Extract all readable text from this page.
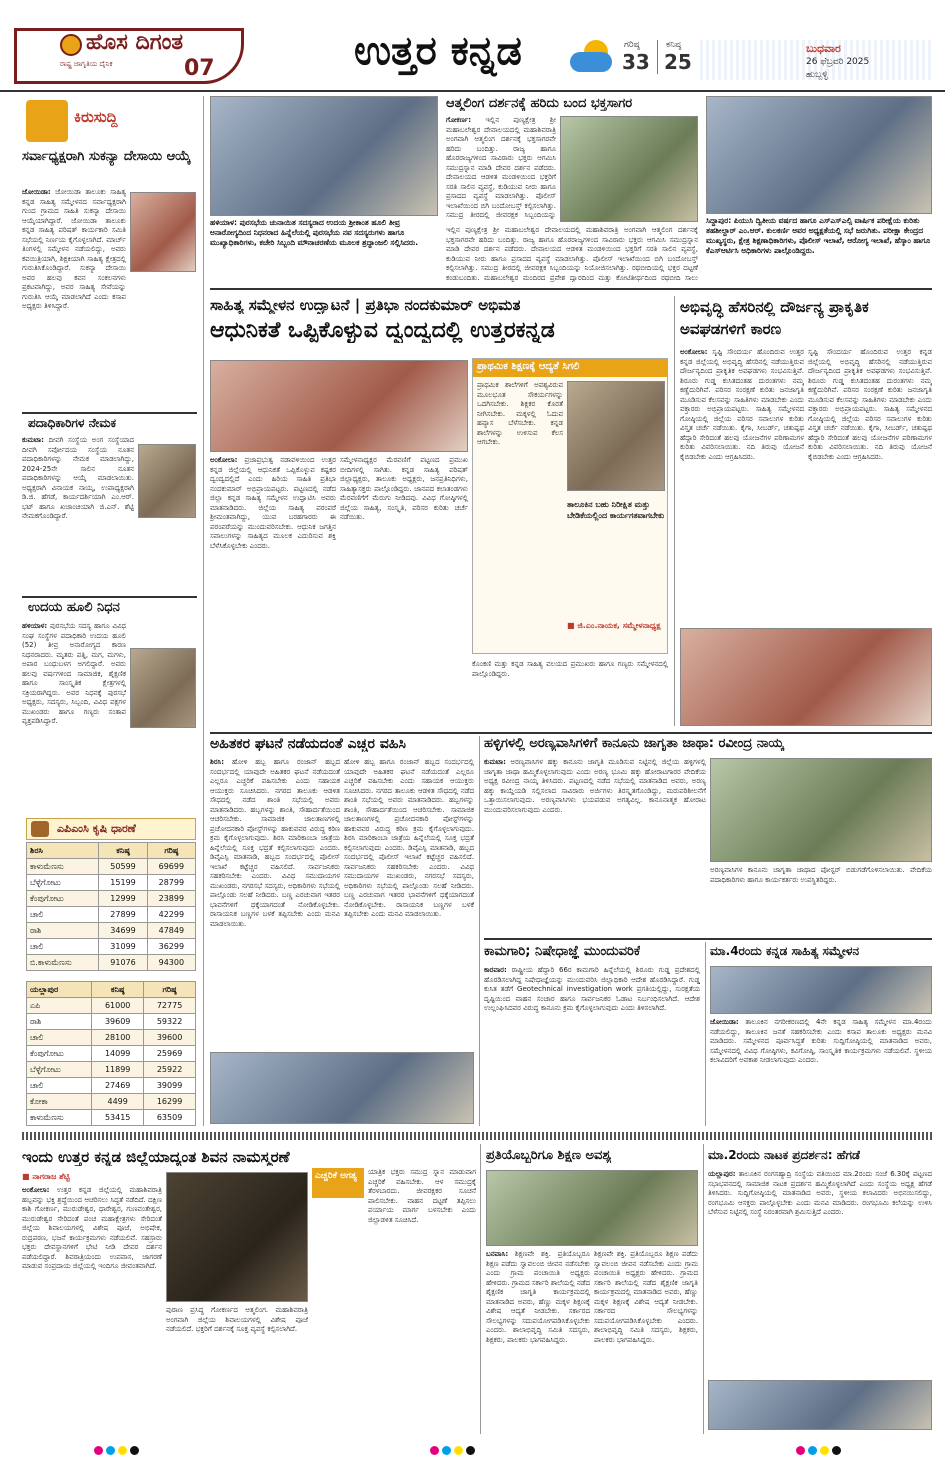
ಹೊಸ ದಿಗಂತ
ರಾಷ್ಟ್ರ ಜಾಗೃತಿಯ ದೈನಿಕ	07	ಉತ್ತರ ಕನ್ನಡ	ಗರಿಷ್ಠ
33
ಕನಿಷ್ಠ
25
ಬುಧವಾರ
26 ಫೆಬ್ರವರಿ 2025
ಹುಬ್ಬಳ್ಳಿ
ಕಿರುಸುದ್ದಿ
ಸರ್ವಾಧ್ಯಕ್ಷರಾಗಿ ಸುಕನ್ಯಾ ದೇಸಾಯಿ ಆಯ್ಕೆ
ಜೋಯಿಡಾ: ಜೋಯಿಡಾ ತಾಲೂಕು ಸಾಹಿತ್ಯ ಕನ್ನಡ ಸಾಹಿತ್ಯ ಸಮ್ಮೇಳನದ ಸರ್ವಾಧ್ಯಕ್ಷರಾಗಿ ಗುಂದ ಗ್ರಾಮದ ಸಾಹಿತಿ ಸುಕನ್ಯಾ ದೇಸಾಯಿ ಆಯ್ಕೆಯಾಗಿದ್ದಾರೆ. ಜೋಯಿಡಾ ತಾಲೂಕು ಕನ್ನಡ ಸಾಹಿತ್ಯ ಪರಿಷತ್ ಕಾರ್ಯಕಾರಿ ಸಮಿತಿ ಸಭೆಯಲ್ಲಿ ನಿರ್ಣಯ ಕೈಗೊಳ್ಳಲಾಗಿದೆ. ಮಾರ್ಚ್ ತಿಂಗಳಲ್ಲಿ ಸಮ್ಮೇಳನ ನಡೆಯಲಿದ್ದು, ಅವರು ಕವಯಿತ್ರಿಯಾಗಿ, ಶಿಕ್ಷಕಿಯಾಗಿ ಸಾಹಿತ್ಯ ಕ್ಷೇತ್ರದಲ್ಲಿ ಗುರುತಿಸಿಕೊಂಡಿದ್ದಾರೆ. ಸುಕನ್ಯಾ ದೇಸಾಯಿ ಅವರ ಹಲವು ಕವನ ಸಂಕಲನಗಳು ಪ್ರಕಟವಾಗಿದ್ದು, ಅವರ ಸಾಹಿತ್ಯ ಸೇವೆಯನ್ನು ಗುರುತಿಸಿ ಆಯ್ಕೆ ಮಾಡಲಾಗಿದೆ ಎಂದು ಕಸಾಪ ಅಧ್ಯಕ್ಷರು ತಿಳಿಸಿದ್ದಾರೆ.
ಪದಾಧಿಕಾರಿಗಳ ನೇಮಕ
ಕುಮಟಾ: ದೀವಗಿ ಸಂಸ್ಥೆಯ ಅಂಗ ಸಂಸ್ಥೆಯಾದ ದೀವಗಿ ಸರ್ವೋದಯ ಸಂಸ್ಥೆಯ ನೂತನ ಪದಾಧಿಕಾರಿಗಳನ್ನು ನೇಮಕ ಮಾಡಲಾಗಿದ್ದು, 2024-25ನೇ ಸಾಲಿನ ನೂತನ ಪದಾಧಿಕಾರಿಗಳನ್ನು ಆಯ್ಕೆ ಮಾಡಲಾಯಿತು. ಅಧ್ಯಕ್ಷರಾಗಿ ವಿನಾಯಕ ನಾಯ್ಕ, ಉಪಾಧ್ಯಕ್ಷರಾಗಿ ಡಿ.ಜಿ. ಹೆಗಡೆ, ಕಾರ್ಯದರ್ಶಿಯಾಗಿ ಎಂ.ಆರ್. ಭಟ್ ಹಾಗೂ ಖಜಾಂಚಿಯಾಗಿ ಜಿ.ಎನ್. ಶೆಟ್ಟಿ ನೇಮಕಗೊಂಡಿದ್ದಾರೆ.
ಉದಯ ಹೂಲಿ ನಿಧನ
ಹಳಿಯಾಳ: ಪುರಸಭೆಯ ಸದಸ್ಯ ಹಾಗೂ ವಿವಿಧ ಸಂಘ ಸಂಸ್ಥೆಗಳ ಪದಾಧಿಕಾರಿ ಉದಯ ಹೂಲಿ (52) ತೀವ್ರ ಅನಾರೋಗ್ಯದ ಕಾರಣ ನಿಧನರಾದರು. ಮೃತರು ಪತ್ನಿ, ಮಗ, ಮಗಳು, ಅಪಾರ ಬಂಧುಬಳಗ ಅಗಲಿದ್ದಾರೆ. ಅವರು ಹಲವು ವರ್ಷಗಳಿಂದ ಸಾಮಾಜಿಕ, ಶೈಕ್ಷಣಿಕ ಹಾಗೂ ಸಾಂಸ್ಕೃತಿಕ ಕ್ಷೇತ್ರಗಳಲ್ಲಿ ಸಕ್ರಿಯರಾಗಿದ್ದರು. ಅವರ ನಿಧನಕ್ಕೆ ಪುರಸಭೆ ಅಧ್ಯಕ್ಷರು, ಸದಸ್ಯರು, ಸಿಬ್ಬಂದಿ, ವಿವಿಧ ಪಕ್ಷಗಳ ಮುಖಂಡರು ಹಾಗೂ ಗಣ್ಯರು ಸಂತಾಪ ವ್ಯಕ್ತಪಡಿಸಿದ್ದಾರೆ.
ಎಪಿಎಂಸಿ ಕೃಷಿ ಧಾರಣೆ
ಶಿರಸಿ	ಕನಿಷ್ಠ	ಗರಿಷ್ಠ
ಕಾಳುಮೆಣಸು	50599	69699
ಬೆಳ್ಳೆಗೋಟು	15199	28799
ಕೆಂಪುಗೋಟು	12999	23899
ಚಾಲಿ	27899	42299
ರಾಶಿ	34699	47849
ಚಾಲಿ	31099	36299
ಬಿ.ಕಾಳುಮೆಣಸು	91076	94300
ಯಲ್ಲಾಪುರ	ಕನಿಷ್ಠ	ಗರಿಷ್ಠ
ಎಪಿ	61000	72775
ರಾಶಿ	39609	59322
ಚಾಲಿ	28100	39600
ಕೆಂಪುಗೋಟು	14099	25969
ಬೆಳ್ಳೆಗೋಟು	11899	25922
ಚಾಲಿ	27469	39099
ಕೋಕಾ	4499	16299
ಕಾಳುಮೆಣಸು	53415	63509
ಹಳಿಯಾಳ: ಪುರಸಭೆಯ ಚುನಾಯಿತ ಸದಸ್ಯರಾದ ಉದಯ ಶ್ರೀಕಾಂತ ಹೂಲಿ ತೀವ್ರ ಅನಾರೋಗ್ಯದಿಂದ ನಿಧನರಾದ ಹಿನ್ನೆಲೆಯಲ್ಲಿ ಪುರಸಭೆಯ ನವ ಸದಸ್ಯರುಗಳು ಹಾಗೂ ಮುಖ್ಯಾಧಿಕಾರಿಗಳು, ಕಚೇರಿ ಸಿಬ್ಬಂದಿ ಮೌನಾಚರಣೆಯ ಮೂಲಕ ಶ್ರದ್ಧಾಂಜಲಿ ಸಲ್ಲಿಸಿದರು.
ಆತ್ಮಲಿಂಗ ದರ್ಶನಕ್ಕೆ ಹರಿದು ಬಂದ ಭಕ್ತಸಾಗರ
ಗೋಕರ್ಣ: ಇಲ್ಲಿನ ಪುಣ್ಯಕ್ಷೇತ್ರ ಶ್ರೀ ಮಹಾಬಲೇಶ್ವರ ದೇವಾಲಯದಲ್ಲಿ ಮಹಾಶಿವರಾತ್ರಿ ಅಂಗವಾಗಿ ಆತ್ಮಲಿಂಗ ದರ್ಶನಕ್ಕೆ ಭಕ್ತಸಾಗರವೇ ಹರಿದು ಬಂದಿತ್ತು. ರಾಜ್ಯ ಹಾಗೂ ಹೊರರಾಜ್ಯಗಳಿಂದ ಸಾವಿರಾರು ಭಕ್ತರು ಆಗಮಿಸಿ ಸಮುದ್ರಸ್ನಾನ ಮಾಡಿ ದೇವರ ದರ್ಶನ ಪಡೆದರು. ದೇವಾಲಯದ ಆಡಳಿತ ಮಂಡಳಿಯಿಂದ ಭಕ್ತರಿಗೆ ಸರತಿ ಸಾಲಿನ ವ್ಯವಸ್ಥೆ, ಕುಡಿಯುವ ನೀರು ಹಾಗೂ ಪ್ರಸಾದದ ವ್ಯವಸ್ಥೆ ಮಾಡಲಾಗಿತ್ತು. ಪೊಲೀಸ್ ಇಲಾಖೆಯಿಂದ ಬಿಗಿ ಬಂದೋಬಸ್ತ್ ಕಲ್ಪಿಸಲಾಗಿತ್ತು. ಸಮುದ್ರ ತೀರದಲ್ಲಿ ಜೀವರಕ್ಷಕ ಸಿಬ್ಬಂದಿಯನ್ನು
ಇಲ್ಲಿನ ಪುಣ್ಯಕ್ಷೇತ್ರ ಶ್ರೀ ಮಹಾಬಲೇಶ್ವರ ದೇವಾಲಯದಲ್ಲಿ ಮಹಾಶಿವರಾತ್ರಿ ಅಂಗವಾಗಿ ಆತ್ಮಲಿಂಗ ದರ್ಶನಕ್ಕೆ ಭಕ್ತಸಾಗರವೇ ಹರಿದು ಬಂದಿತ್ತು. ರಾಜ್ಯ ಹಾಗೂ ಹೊರರಾಜ್ಯಗಳಿಂದ ಸಾವಿರಾರು ಭಕ್ತರು ಆಗಮಿಸಿ ಸಮುದ್ರಸ್ನಾನ ಮಾಡಿ ದೇವರ ದರ್ಶನ ಪಡೆದರು. ದೇವಾಲಯದ ಆಡಳಿತ ಮಂಡಳಿಯಿಂದ ಭಕ್ತರಿಗೆ ಸರತಿ ಸಾಲಿನ ವ್ಯವಸ್ಥೆ, ಕುಡಿಯುವ ನೀರು ಹಾಗೂ ಪ್ರಸಾದದ ವ್ಯವಸ್ಥೆ ಮಾಡಲಾಗಿತ್ತು. ಪೊಲೀಸ್ ಇಲಾಖೆಯಿಂದ ಬಿಗಿ ಬಂದೋಬಸ್ತ್ ಕಲ್ಪಿಸಲಾಗಿತ್ತು. ಸಮುದ್ರ ತೀರದಲ್ಲಿ ಜೀವರಕ್ಷಕ ಸಿಬ್ಬಂದಿಯನ್ನು ನಿಯೋಜಿಸಲಾಗಿತ್ತು. ರಥಬೀದಿಯಲ್ಲಿ ಭಕ್ತರ ದಟ್ಟಣೆ ಕಂಡುಬಂದಿತು. ಮಹಾಬಲೇಶ್ವರ ಮಂದಿರದ ಪ್ರವೇಶ ದ್ವಾರದಿಂದ ಮತ್ತು ಕೋಟಿತೀರ್ಥದಿಂದ ರಥಬೀದಿ ಸಾಲು
ಸಿದ್ದಾಪುರ: ಪಿಯುಸಿ ದ್ವಿತೀಯ ವರ್ಷದ ಹಾಗೂ ಎಸ್ಎಸ್ಎಲ್ಸಿ ವಾರ್ಷಿಕ ಪರೀಕ್ಷೆಯ ಕುರಿತು ತಹಶೀಲ್ದಾರ್ ಎಂ.ಆರ್. ಕುಲಕರ್ಣಿ ಅವರ ಅಧ್ಯಕ್ಷತೆಯಲ್ಲಿ ಸಭೆ ಜರುಗಿತು. ಪರೀಕ್ಷಾ ಕೇಂದ್ರದ ಮುಖ್ಯಸ್ಥರು, ಕ್ಷೇತ್ರ ಶಿಕ್ಷಣಾಧಿಕಾರಿಗಳು, ಪೊಲೀಸ್ ಇಲಾಖೆ, ಆರೋಗ್ಯ ಇಲಾಖೆ, ಹೆಸ್ಕಾಂ ಹಾಗೂ ಕೆಎಸ್ಆರ್ಟಿಸಿ ಅಧಿಕಾರಿಗಳು ಪಾಲ್ಗೊಂಡಿದ್ದರು.
ಸಾಹಿತ್ಯ ಸಮ್ಮೇಳನ ಉದ್ಘಾಟನೆ | ಪ್ರತಿಭಾ ನಂದಕುಮಾರ್ ಅಭಿಮತ
ಆಧುನಿಕತೆ ಒಪ್ಪಿಕೊಳ್ಳುವ ದ್ವಂದ್ವದಲ್ಲಿ ಉತ್ತರಕನ್ನಡ
ಅಂಕೋಲಾ: ಪ್ರಜಾಪ್ರಭುತ್ವ ನಡಾವಳಿಯಿಂದ ಉತ್ತರ ಕನ್ನಡ ಜಿಲ್ಲೆಯಲ್ಲಿ ಆಧುನಿಕತೆ ಒಪ್ಪಿಕೊಳ್ಳುವ ಕಷ್ಟಕರ ದ್ವಂದ್ವದಲ್ಲಿದೆ ಎಂದು ಹಿರಿಯ ಸಾಹಿತಿ ಪ್ರತಿಭಾ ನಂದಕುಮಾರ್ ಅಭಿಪ್ರಾಯಪಟ್ಟರು. ಪಟ್ಟಣದಲ್ಲಿ ನಡೆದ ಜಿಲ್ಲಾ ಕನ್ನಡ ಸಾಹಿತ್ಯ ಸಮ್ಮೇಳನ ಉದ್ಘಾಟಿಸಿ ಅವರು ಮಾತನಾಡಿದರು. ಜಿಲ್ಲೆಯ ಸಾಹಿತ್ಯ ಪರಂಪರೆ ಶ್ರೀಮಂತವಾಗಿದ್ದು, ಯುವ ಬರಹಗಾರರು ಈ ಪರಂಪರೆಯನ್ನು ಮುಂದುವರಿಸಬೇಕು. ಆಧುನಿಕ ಜಗತ್ತಿನ ಸವಾಲುಗಳನ್ನು ಸಾಹಿತ್ಯದ ಮೂಲಕ ಎದುರಿಸುವ ಶಕ್ತಿ ಬೆಳೆಸಿಕೊಳ್ಳಬೇಕು ಎಂದರು.
ಸಮ್ಮೇಳನಾಧ್ಯಕ್ಷರ ಮೆರವಣಿಗೆ ಪಟ್ಟಣದ ಪ್ರಮುಖ ಬೀದಿಗಳಲ್ಲಿ ಸಾಗಿತು. ಕನ್ನಡ ಸಾಹಿತ್ಯ ಪರಿಷತ್ ಜಿಲ್ಲಾಧ್ಯಕ್ಷರು, ತಾಲೂಕು ಅಧ್ಯಕ್ಷರು, ಜನಪ್ರತಿನಿಧಿಗಳು, ಸಾಹಿತ್ಯಾಸಕ್ತರು ಪಾಲ್ಗೊಂಡಿದ್ದರು. ಜಾನಪದ ಕಲಾತಂಡಗಳು ಮೆರವಣಿಗೆಗೆ ಮೆರುಗು ನೀಡಿದವು. ವಿವಿಧ ಗೋಷ್ಠಿಗಳಲ್ಲಿ ಜಿಲ್ಲೆಯ ಸಾಹಿತ್ಯ, ಸಂಸ್ಕೃತಿ, ಪರಿಸರ ಕುರಿತು ಚರ್ಚೆ ನಡೆಯಿತು.
ಪ್ರಾಥಮಿಕ ಶಿಕ್ಷಣಕ್ಕೆ ಆದ್ಯತೆ ಸಿಗಲಿ
ಪ್ರಾಥಮಿಕ ಶಾಲೆಗಳಿಗೆ ಅವಶ್ಯವಿರುವ ಮೂಲಭೂತ ಸೌಕರ್ಯಗಳನ್ನು ಒದಗಿಸಬೇಕು. ಶಿಕ್ಷಕರ ಕೊರತೆ ನೀಗಿಸಬೇಕು. ಮಕ್ಕಳಲ್ಲಿ ಓದುವ ಹವ್ಯಾಸ ಬೆಳೆಸಬೇಕು. ಕನ್ನಡ ಶಾಲೆಗಳನ್ನು ಉಳಿಸುವ ಕೆಲಸ ಆಗಬೇಕು.
ತಾಲೂಕಿನ ಬಹು ನಿರೀಕ್ಷಿತ ಮತ್ತು ಬೇಡಿಕೆಯಲ್ಲಿಂದ ಕಾರ್ಯಗತವಾಗಬೇಕು
■ ಜಿ.ಎಂ.ನಾಯಕ, ಸಮ್ಮೇಳನಾಧ್ಯಕ್ಷ
ಕೊಂಕಣಿ ಮತ್ತು ಕನ್ನಡ ಸಾಹಿತ್ಯ ವಲಯದ ಪ್ರಮುಖರು ಹಾಗೂ ಗಣ್ಯರು ಸಮ್ಮೇಳನದಲ್ಲಿ ಪಾಲ್ಗೊಂಡಿದ್ದರು.
ಅಭಿವೃದ್ಧಿ ಹೆಸರಿನಲ್ಲಿ ದೌರ್ಜನ್ಯ ಪ್ರಾಕೃತಿಕ ಅವಘಡಗಳಿಗೆ ಕಾರಣ
ಅಂಕೋಲಾ: ಸೃಷ್ಟಿ ಸೌಂದರ್ಯ ಹೊಂದಿರುವ ಉತ್ತರ ಕನ್ನಡ ಜಿಲ್ಲೆಯಲ್ಲಿ ಅಭಿವೃದ್ಧಿ ಹೆಸರಿನಲ್ಲಿ ನಡೆಯುತ್ತಿರುವ ದೌರ್ಜನ್ಯದಿಂದ ಪ್ರಾಕೃತಿಕ ಅವಘಡಗಳು ಸಂಭವಿಸುತ್ತಿವೆ. ಶಿರೂರು ಗುಡ್ಡ ಕುಸಿತದಂತಹ ದುರಂತಗಳು ನಮ್ಮ ಕಣ್ಣೆದುರಿಗಿವೆ. ಪರಿಸರ ಸಂರಕ್ಷಣೆ ಕುರಿತು ಜನಜಾಗೃತಿ ಮೂಡಿಸುವ ಕೆಲಸವನ್ನು ಸಾಹಿತಿಗಳು ಮಾಡಬೇಕು ಎಂದು ವಕ್ತಾರರು ಅಭಿಪ್ರಾಯಪಟ್ಟರು. ಸಾಹಿತ್ಯ ಸಮ್ಮೇಳನದ ಗೋಷ್ಠಿಯಲ್ಲಿ ಜಿಲ್ಲೆಯ ಪರಿಸರ ಸವಾಲುಗಳ ಕುರಿತು ವಿಸ್ತೃತ ಚರ್ಚೆ ನಡೆಯಿತು. ಕೈಗಾ, ಸೀಬರ್ಡ್, ಚತುಷ್ಪಥ ಹೆದ್ದಾರಿ ಸೇರಿದಂತೆ ಹಲವು ಯೋಜನೆಗಳ ಪರಿಣಾಮಗಳ ಕುರಿತು ವಿವರಿಸಲಾಯಿತು. ನದಿ ತಿರುವು ಯೋಜನೆ ಕೈಬಿಡಬೇಕು ಎಂದು ಆಗ್ರಹಿಸಿದರು.
ಸೃಷ್ಟಿ ಸೌಂದರ್ಯ ಹೊಂದಿರುವ ಉತ್ತರ ಕನ್ನಡ ಜಿಲ್ಲೆಯಲ್ಲಿ ಅಭಿವೃದ್ಧಿ ಹೆಸರಿನಲ್ಲಿ ನಡೆಯುತ್ತಿರುವ ದೌರ್ಜನ್ಯದಿಂದ ಪ್ರಾಕೃತಿಕ ಅವಘಡಗಳು ಸಂಭವಿಸುತ್ತಿವೆ. ಶಿರೂರು ಗುಡ್ಡ ಕುಸಿತದಂತಹ ದುರಂತಗಳು ನಮ್ಮ ಕಣ್ಣೆದುರಿಗಿವೆ. ಪರಿಸರ ಸಂರಕ್ಷಣೆ ಕುರಿತು ಜನಜಾಗೃತಿ ಮೂಡಿಸುವ ಕೆಲಸವನ್ನು ಸಾಹಿತಿಗಳು ಮಾಡಬೇಕು ಎಂದು ವಕ್ತಾರರು ಅಭಿಪ್ರಾಯಪಟ್ಟರು. ಸಾಹಿತ್ಯ ಸಮ್ಮೇಳನದ ಗೋಷ್ಠಿಯಲ್ಲಿ ಜಿಲ್ಲೆಯ ಪರಿಸರ ಸವಾಲುಗಳ ಕುರಿತು ವಿಸ್ತೃತ ಚರ್ಚೆ ನಡೆಯಿತು. ಕೈಗಾ, ಸೀಬರ್ಡ್, ಚತುಷ್ಪಥ ಹೆದ್ದಾರಿ ಸೇರಿದಂತೆ ಹಲವು ಯೋಜನೆಗಳ ಪರಿಣಾಮಗಳ ಕುರಿತು ವಿವರಿಸಲಾಯಿತು. ನದಿ ತಿರುವು ಯೋಜನೆ ಕೈಬಿಡಬೇಕು ಎಂದು ಆಗ್ರಹಿಸಿದರು.
ಅಹಿತಕರ ಘಟನೆ ನಡೆಯದಂತೆ ಎಚ್ಚರ ವಹಿಸಿ
ಶಿರಸಿ: ಹೋಳಿ ಹಬ್ಬ ಹಾಗೂ ರಂಜಾನ್ ಹಬ್ಬದ ಸಂದರ್ಭದಲ್ಲಿ ಯಾವುದೇ ಅಹಿತಕರ ಘಟನೆ ನಡೆಯದಂತೆ ಎಲ್ಲರೂ ಎಚ್ಚರಿಕೆ ವಹಿಸಬೇಕು ಎಂದು ಸಹಾಯಕ ಆಯುಕ್ತರು ಸೂಚಿಸಿದರು. ನಗರದ ತಾಲೂಕು ಆಡಳಿತ ಸೌಧದಲ್ಲಿ ನಡೆದ ಶಾಂತಿ ಸಭೆಯಲ್ಲಿ ಅವರು ಮಾತನಾಡಿದರು. ಹಬ್ಬಗಳನ್ನು ಶಾಂತಿ, ಸೌಹಾರ್ದತೆಯಿಂದ ಆಚರಿಸಬೇಕು. ಸಾಮಾಜಿಕ ಜಾಲತಾಣಗಳಲ್ಲಿ ಪ್ರಚೋದನಕಾರಿ ಪೋಸ್ಟ್‌ಗಳನ್ನು ಹಾಕುವವರ ವಿರುದ್ಧ ಕಠಿಣ ಕ್ರಮ ಕೈಗೊಳ್ಳಲಾಗುವುದು. ಶಿರಸಿ ಮಾರಿಕಾಂಬಾ ಜಾತ್ರೆಯ ಹಿನ್ನೆಲೆಯಲ್ಲಿ ಸೂಕ್ತ ಭದ್ರತೆ ಕಲ್ಪಿಸಲಾಗುವುದು ಎಂದರು. ಡಿವೈಎಸ್ಪಿ ಮಾತನಾಡಿ, ಹಬ್ಬದ ಸಂದರ್ಭದಲ್ಲಿ ಪೊಲೀಸ್ ಇಲಾಖೆ ಕಟ್ಟೆಚ್ಚರ ವಹಿಸಲಿದೆ. ಸಾರ್ವಜನಿಕರು ಸಹಕರಿಸಬೇಕು ಎಂದರು. ವಿವಿಧ ಸಮುದಾಯಗಳ ಮುಖಂಡರು, ನಗರಸಭೆ ಸದಸ್ಯರು, ಅಧಿಕಾರಿಗಳು ಸಭೆಯಲ್ಲಿ ಪಾಲ್ಗೊಂಡು ಸಲಹೆ ನೀಡಿದರು. ಬಣ್ಣ ಎರಚುವಾಗ ಇತರರ ಭಾವನೆಗಳಿಗೆ ಧಕ್ಕೆಯಾಗದಂತೆ ನೋಡಿಕೊಳ್ಳಬೇಕು. ರಾಸಾಯನಿಕ ಬಣ್ಣಗಳ ಬಳಕೆ ತಪ್ಪಿಸಬೇಕು ಎಂದು ಮನವಿ ಮಾಡಲಾಯಿತು.
ಹೋಳಿ ಹಬ್ಬ ಹಾಗೂ ರಂಜಾನ್ ಹಬ್ಬದ ಸಂದರ್ಭದಲ್ಲಿ ಯಾವುದೇ ಅಹಿತಕರ ಘಟನೆ ನಡೆಯದಂತೆ ಎಲ್ಲರೂ ಎಚ್ಚರಿಕೆ ವಹಿಸಬೇಕು ಎಂದು ಸಹಾಯಕ ಆಯುಕ್ತರು ಸೂಚಿಸಿದರು. ನಗರದ ತಾಲೂಕು ಆಡಳಿತ ಸೌಧದಲ್ಲಿ ನಡೆದ ಶಾಂತಿ ಸಭೆಯಲ್ಲಿ ಅವರು ಮಾತನಾಡಿದರು. ಹಬ್ಬಗಳನ್ನು ಶಾಂತಿ, ಸೌಹಾರ್ದತೆಯಿಂದ ಆಚರಿಸಬೇಕು. ಸಾಮಾಜಿಕ ಜಾಲತಾಣಗಳಲ್ಲಿ ಪ್ರಚೋದನಕಾರಿ ಪೋಸ್ಟ್‌ಗಳನ್ನು ಹಾಕುವವರ ವಿರುದ್ಧ ಕಠಿಣ ಕ್ರಮ ಕೈಗೊಳ್ಳಲಾಗುವುದು. ಶಿರಸಿ ಮಾರಿಕಾಂಬಾ ಜಾತ್ರೆಯ ಹಿನ್ನೆಲೆಯಲ್ಲಿ ಸೂಕ್ತ ಭದ್ರತೆ ಕಲ್ಪಿಸಲಾಗುವುದು ಎಂದರು. ಡಿವೈಎಸ್ಪಿ ಮಾತನಾಡಿ, ಹಬ್ಬದ ಸಂದರ್ಭದಲ್ಲಿ ಪೊಲೀಸ್ ಇಲಾಖೆ ಕಟ್ಟೆಚ್ಚರ ವಹಿಸಲಿದೆ. ಸಾರ್ವಜನಿಕರು ಸಹಕರಿಸಬೇಕು ಎಂದರು. ವಿವಿಧ ಸಮುದಾಯಗಳ ಮುಖಂಡರು, ನಗರಸಭೆ ಸದಸ್ಯರು, ಅಧಿಕಾರಿಗಳು ಸಭೆಯಲ್ಲಿ ಪಾಲ್ಗೊಂಡು ಸಲಹೆ ನೀಡಿದರು. ಬಣ್ಣ ಎರಚುವಾಗ ಇತರರ ಭಾವನೆಗಳಿಗೆ ಧಕ್ಕೆಯಾಗದಂತೆ ನೋಡಿಕೊಳ್ಳಬೇಕು. ರಾಸಾಯನಿಕ ಬಣ್ಣಗಳ ಬಳಕೆ ತಪ್ಪಿಸಬೇಕು ಎಂದು ಮನವಿ ಮಾಡಲಾಯಿತು.
ಹಳ್ಳಿಗಳಲ್ಲಿ ಅರಣ್ಯವಾಸಿಗಳಿಗೆ ಕಾನೂನು ಜಾಗೃತಾ ಜಾಥಾ: ರವೀಂದ್ರ ನಾಯ್ಕ
ಕುಮಟಾ: ಅರಣ್ಯವಾಸಿಗಳ ಹಕ್ಕು ಕಾನೂನು ಜಾಗೃತಿ ಮೂಡಿಸುವ ನಿಟ್ಟಿನಲ್ಲಿ ಜಿಲ್ಲೆಯ ಹಳ್ಳಿಗಳಲ್ಲಿ ಜಾಗೃತಾ ಜಾಥಾ ಹಮ್ಮಿಕೊಳ್ಳಲಾಗುವುದು ಎಂದು ಅರಣ್ಯ ಭೂಮಿ ಹಕ್ಕು ಹೋರಾಟಗಾರರ ವೇದಿಕೆಯ ಅಧ್ಯಕ್ಷ ರವೀಂದ್ರ ನಾಯ್ಕ ತಿಳಿಸಿದರು. ಪಟ್ಟಣದಲ್ಲಿ ನಡೆದ ಸಭೆಯಲ್ಲಿ ಮಾತನಾಡಿದ ಅವರು, ಅರಣ್ಯ ಹಕ್ಕು ಕಾಯ್ದೆಯಡಿ ಸಲ್ಲಿಸಲಾದ ಸಾವಿರಾರು ಅರ್ಜಿಗಳು ತಿರಸ್ಕೃತಗೊಂಡಿದ್ದು, ಮರುಪರಿಶೀಲನೆಗೆ ಒತ್ತಾಯಿಸಲಾಗುವುದು. ಅರಣ್ಯವಾಸಿಗಳು ಭಯಪಡುವ ಅಗತ್ಯವಿಲ್ಲ. ಕಾನೂನಾತ್ಮಕ ಹೋರಾಟ ಮುಂದುವರಿಸಲಾಗುವುದು ಎಂದರು.
ಅರಣ್ಯವಾಸಿಗಳ ಕಾನೂನು ಜಾಗೃತಾ ಜಾಥಾದ ಪೋಸ್ಟರ್ ಬಿಡುಗಡೆಗೊಳಿಸಲಾಯಿತು. ವೇದಿಕೆಯ ಪದಾಧಿಕಾರಿಗಳು ಹಾಗೂ ಕಾರ್ಯಕರ್ತರು ಉಪಸ್ಥಿತರಿದ್ದರು.
ಕಾಮಗಾರಿ; ನಿಷೇಧಾಜ್ಞೆ ಮುಂದುವರಿಕೆ
ಕಾರವಾರ: ರಾಷ್ಟ್ರೀಯ ಹೆದ್ದಾರಿ 66ರ ಕಾಮಗಾರಿ ಹಿನ್ನೆಲೆಯಲ್ಲಿ ಶಿರೂರು ಗುಡ್ಡ ಪ್ರದೇಶದಲ್ಲಿ ಹೊರಡಿಸಲಾಗಿದ್ದ ನಿಷೇಧಾಜ್ಞೆಯನ್ನು ಮುಂದುವರಿಸಿ ಜಿಲ್ಲಾಧಿಕಾರಿ ಆದೇಶ ಹೊರಡಿಸಿದ್ದಾರೆ. ಗುಡ್ಡ ಕುಸಿತ ತಡೆಗೆ Geotechnical investigation work ಪ್ರಗತಿಯಲ್ಲಿದ್ದು, ಸುರಕ್ಷತೆಯ ದೃಷ್ಟಿಯಿಂದ ವಾಹನ ಸಂಚಾರ ಹಾಗೂ ಸಾರ್ವಜನಿಕರ ಓಡಾಟ ನಿರ್ಬಂಧಿಸಲಾಗಿದೆ. ಆದೇಶ ಉಲ್ಲಂಘಿಸಿದವರ ವಿರುದ್ಧ ಕಾನೂನು ಕ್ರಮ ಕೈಗೊಳ್ಳಲಾಗುವುದು ಎಂದು ತಿಳಿಸಲಾಗಿದೆ.
ಮಾ.4ರಂದು ಕನ್ನಡ ಸಾಹಿತ್ಯ ಸಮ್ಮೇಳನ
ಜೋಯಿಡಾ: ತಾಲೂಕಿನ ನಗರೀಕರಣದಲ್ಲಿ 4ನೇ ಕನ್ನಡ ಸಾಹಿತ್ಯ ಸಮ್ಮೇಳನ ಮಾ.4ರಂದು ನಡೆಯಲಿದ್ದು, ತಾಲೂಕಿನ ಜನತೆ ಸಹಕರಿಸಬೇಕು ಎಂದು ಕಸಾಪ ತಾಲೂಕು ಅಧ್ಯಕ್ಷರು ಮನವಿ ಮಾಡಿದರು. ಸಮ್ಮೇಳನದ ಪೂರ್ವಸಿದ್ಧತೆ ಕುರಿತು ಸುದ್ದಿಗೋಷ್ಠಿಯಲ್ಲಿ ಮಾತನಾಡಿದ ಅವರು, ಸಮ್ಮೇಳನದಲ್ಲಿ ವಿವಿಧ ಗೋಷ್ಠಿಗಳು, ಕವಿಗೋಷ್ಠಿ, ಸಾಂಸ್ಕೃತಿಕ ಕಾರ್ಯಕ್ರಮಗಳು ನಡೆಯಲಿವೆ. ಸ್ಥಳೀಯ ಕಲಾವಿದರಿಗೆ ಅವಕಾಶ ನೀಡಲಾಗುವುದು ಎಂದರು.
ಇಂದು ಉತ್ತರ ಕನ್ನಡ ಜಿಲ್ಲೆಯಾದ್ಯಂತ ಶಿವನ ನಾಮಸ್ಮರಣೆ
■ ನಾಗರಾಜ ಶೆಟ್ಟಿ
ಅಂಕೋಲಾ: ಉತ್ತರ ಕನ್ನಡ ಜಿಲ್ಲೆಯಲ್ಲಿ ಮಹಾಶಿವರಾತ್ರಿ ಹಬ್ಬವನ್ನು ಭಕ್ತಿ ಶ್ರದ್ಧೆಯಿಂದ ಆಚರಿಸಲು ಸಿದ್ಧತೆ ನಡೆದಿದೆ. ದಕ್ಷಿಣ ಕಾಶಿ ಗೋಕರ್ಣ, ಮುರುಡೇಶ್ವರ, ಧಾರೇಶ್ವರ, ಗುಣವಂತೇಶ್ವರ, ಮುರುಡೇಶ್ವರ ಸೇರಿದಂತೆ ಪಂಚ ಮಹಾಕ್ಷೇತ್ರಗಳು ಸೇರಿದಂತೆ ಜಿಲ್ಲೆಯ ಶಿವಾಲಯಗಳಲ್ಲಿ ವಿಶೇಷ ಪೂಜೆ, ಅಭಿಷೇಕ, ರುದ್ರಪಠಣ, ಭಜನೆ ಕಾರ್ಯಕ್ರಮಗಳು ನಡೆಯಲಿವೆ. ಸಹಸ್ರಾರು ಭಕ್ತರು ದೇವಸ್ಥಾನಗಳಿಗೆ ಭೇಟಿ ನೀಡಿ ದೇವರ ದರ್ಶನ ಪಡೆಯಲಿದ್ದಾರೆ. ಶಿವರಾತ್ರಿಯಂದು ಉಪವಾಸ, ಜಾಗರಣೆ ಮಾಡುವ ಸಂಪ್ರದಾಯ ಜಿಲ್ಲೆಯಲ್ಲಿ ಇಂದಿಗೂ ಜೀವಂತವಾಗಿದೆ.
ಪುರಾಣ ಪ್ರಸಿದ್ಧ ಗೋಕರ್ಣದ ಆತ್ಮಲಿಂಗ. ಮಹಾಶಿವರಾತ್ರಿ ಅಂಗವಾಗಿ ಜಿಲ್ಲೆಯ ಶಿವಾಲಯಗಳಲ್ಲಿ ವಿಶೇಷ ಪೂಜೆ ನಡೆಯಲಿದೆ. ಭಕ್ತರಿಗೆ ದರ್ಶನಕ್ಕೆ ಸೂಕ್ತ ವ್ಯವಸ್ಥೆ ಕಲ್ಪಿಸಲಾಗಿದೆ.
ಎಚ್ಚರಿಕೆ ಅಗತ್ಯ	ಯಾತ್ರಿಕ ಭಕ್ತರು ಸಮುದ್ರ ಸ್ನಾನ ಮಾಡುವಾಗ ಎಚ್ಚರಿಕೆ ವಹಿಸಬೇಕು. ಆಳ ಸಮುದ್ರಕ್ಕೆ ತೆರಳಬಾರದು. ಜೀವರಕ್ಷಕರ ಸೂಚನೆ ಪಾಲಿಸಬೇಕು. ವಾಹನ ದಟ್ಟಣೆ ತಪ್ಪಿಸಲು ಪರ್ಯಾಯ ಮಾರ್ಗ ಬಳಸಬೇಕು ಎಂದು ಜಿಲ್ಲಾಡಳಿತ ಸೂಚಿಸಿದೆ.
ಪ್ರತಿಯೊಬ್ಬರಿಗೂ ಶಿಕ್ಷಣ ಅವಶ್ಯ
ಬನವಾಸಿ: ಶಿಕ್ಷಣವೇ ಶಕ್ತಿ. ಪ್ರತಿಯೊಬ್ಬರೂ ಶಿಕ್ಷಣ ಪಡೆದು ಸ್ವಾವಲಂಬಿ ಜೀವನ ನಡೆಸಬೇಕು ಎಂದು ಗ್ರಾಮ ಪಂಚಾಯಿತಿ ಅಧ್ಯಕ್ಷರು ಹೇಳಿದರು. ಗ್ರಾಮದ ಸರ್ಕಾರಿ ಶಾಲೆಯಲ್ಲಿ ನಡೆದ ಶೈಕ್ಷಣಿಕ ಜಾಗೃತಿ ಕಾರ್ಯಕ್ರಮದಲ್ಲಿ ಮಾತನಾಡಿದ ಅವರು, ಹೆಣ್ಣು ಮಕ್ಕಳ ಶಿಕ್ಷಣಕ್ಕೆ ವಿಶೇಷ ಆದ್ಯತೆ ನೀಡಬೇಕು. ಸರ್ಕಾರದ ಸೌಲಭ್ಯಗಳನ್ನು ಸದುಪಯೋಗಪಡಿಸಿಕೊಳ್ಳಬೇಕು ಎಂದರು. ಶಾಲಾಭಿವೃದ್ಧಿ ಸಮಿತಿ ಸದಸ್ಯರು, ಶಿಕ್ಷಕರು, ಪಾಲಕರು ಭಾಗವಹಿಸಿದ್ದರು.
ಶಿಕ್ಷಣವೇ ಶಕ್ತಿ. ಪ್ರತಿಯೊಬ್ಬರೂ ಶಿಕ್ಷಣ ಪಡೆದು ಸ್ವಾವಲಂಬಿ ಜೀವನ ನಡೆಸಬೇಕು ಎಂದು ಗ್ರಾಮ ಪಂಚಾಯಿತಿ ಅಧ್ಯಕ್ಷರು ಹೇಳಿದರು. ಗ್ರಾಮದ ಸರ್ಕಾರಿ ಶಾಲೆಯಲ್ಲಿ ನಡೆದ ಶೈಕ್ಷಣಿಕ ಜಾಗೃತಿ ಕಾರ್ಯಕ್ರಮದಲ್ಲಿ ಮಾತನಾಡಿದ ಅವರು, ಹೆಣ್ಣು ಮಕ್ಕಳ ಶಿಕ್ಷಣಕ್ಕೆ ವಿಶೇಷ ಆದ್ಯತೆ ನೀಡಬೇಕು. ಸರ್ಕಾರದ ಸೌಲಭ್ಯಗಳನ್ನು ಸದುಪಯೋಗಪಡಿಸಿಕೊಳ್ಳಬೇಕು ಎಂದರು. ಶಾಲಾಭಿವೃದ್ಧಿ ಸಮಿತಿ ಸದಸ್ಯರು, ಶಿಕ್ಷಕರು, ಪಾಲಕರು ಭಾಗವಹಿಸಿದ್ದರು.
ಮಾ.2ರಂದು ನಾಟಕ ಪ್ರದರ್ಶನ: ಹೆಗಡೆ
ಯಲ್ಲಾಪುರ: ತಾಲೂಕಿನ ರಂಗಸಹ್ಯಾದ್ರಿ ಸಂಸ್ಥೆಯ ವತಿಯಿಂದ ಮಾ.2ರಂದು ಸಂಜೆ 6.30ಕ್ಕೆ ಪಟ್ಟಣದ ಸಭಾಭವನದಲ್ಲಿ ಸಾಮಾಜಿಕ ನಾಟಕ ಪ್ರದರ್ಶನ ಹಮ್ಮಿಕೊಳ್ಳಲಾಗಿದೆ ಎಂದು ಸಂಸ್ಥೆಯ ಅಧ್ಯಕ್ಷ ಹೆಗಡೆ ತಿಳಿಸಿದರು. ಸುದ್ದಿಗೋಷ್ಠಿಯಲ್ಲಿ ಮಾತನಾಡಿದ ಅವರು, ಸ್ಥಳೀಯ ಕಲಾವಿದರು ಅಭಿನಯಿಸಲಿದ್ದು, ರಂಗಭೂಮಿ ಆಸಕ್ತರು ಪಾಲ್ಗೊಳ್ಳಬೇಕು ಎಂದು ಮನವಿ ಮಾಡಿದರು. ರಂಗಭೂಮಿ ಕಲೆಯನ್ನು ಉಳಿಸಿ ಬೆಳೆಸುವ ನಿಟ್ಟಿನಲ್ಲಿ ಸಂಸ್ಥೆ ನಿರಂತರವಾಗಿ ಶ್ರಮಿಸುತ್ತಿದೆ ಎಂದರು.
